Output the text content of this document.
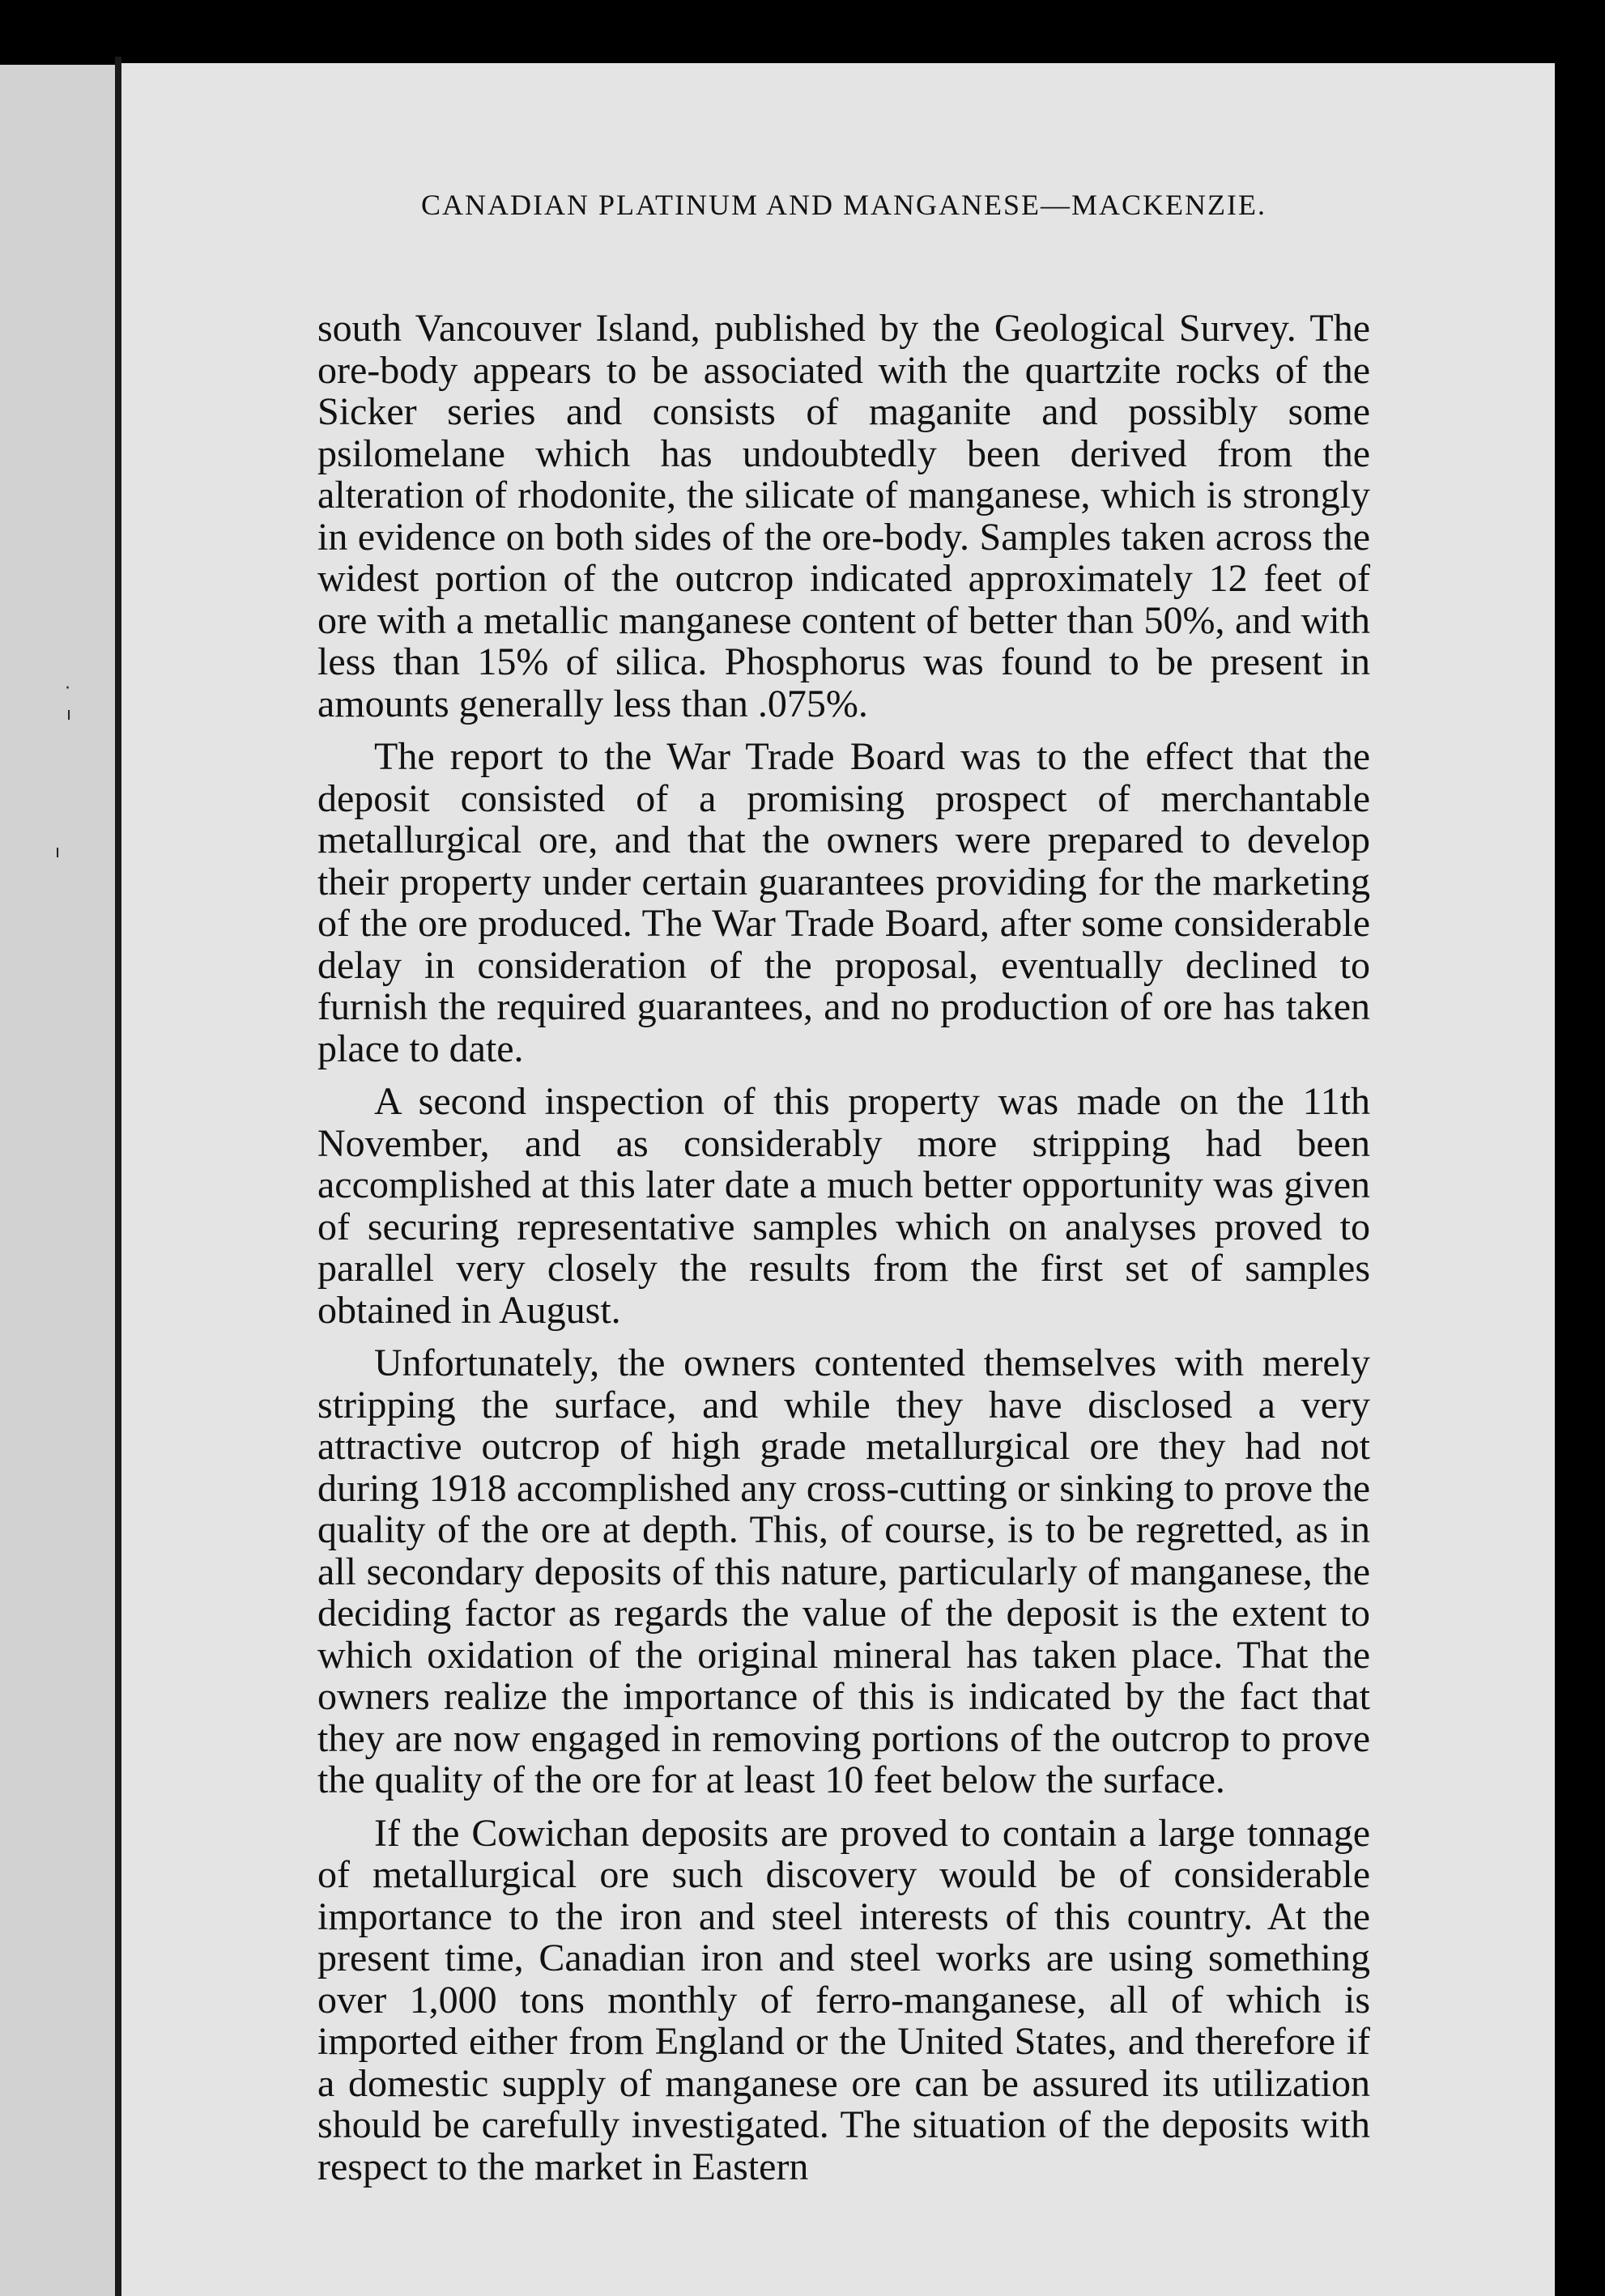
·
ı
ı
CANADIAN PLATINUM AND MANGANESE—MACKENZIE.

south Vancouver Island, published by the Geological Survey. The ore-body appears to be associated with the quartzite rocks of the Sicker series and consists of maganite and possibly some psilomelane which has undoubtedly been derived from the alteration of rhodonite, the silicate of manganese, which is strongly in evidence on both sides of the ore-body. Samples taken across the widest portion of the outcrop indicated approximately 12 feet of ore with a metallic manganese content of better than 50%, and with less than 15% of silica. Phosphorus was found to be present in amounts generally less than .075%.

The report to the War Trade Board was to the effect that the deposit consisted of a promising prospect of merchantable metallurgical ore, and that the owners were prepared to develop their property under certain guarantees providing for the marketing of the ore produced. The War Trade Board, after some considerable delay in consideration of the proposal, eventually declined to furnish the required guarantees, and no production of ore has taken place to date.

A second inspection of this property was made on the 11th November, and as considerably more stripping had been accomplished at this later date a much better opportunity was given of securing representative samples which on analyses proved to parallel very closely the results from the first set of samples obtained in August.

Unfortunately, the owners contented themselves with merely stripping the surface, and while they have disclosed a very attractive outcrop of high grade metallurgical ore they had not during 1918 accomplished any cross-cutting or sinking to prove the quality of the ore at depth. This, of course, is to be regretted, as in all secondary deposits of this nature, particularly of manganese, the deciding factor as regards the value of the deposit is the extent to which oxidation of the original mineral has taken place. That the owners realize the importance of this is indicated by the fact that they are now engaged in removing portions of the outcrop to prove the quality of the ore for at least 10 feet below the surface.

If the Cowichan deposits are proved to contain a large tonnage of metallurgical ore such discovery would be of considerable importance to the iron and steel interests of this country. At the present time, Canadian iron and steel works are using something over 1,000 tons monthly of ferro-manganese, all of which is imported either from England or the United States, and therefore if a domestic supply of manganese ore can be assured its utilization should be carefully investigated. The situation of the deposits with respect to the market in Eastern
